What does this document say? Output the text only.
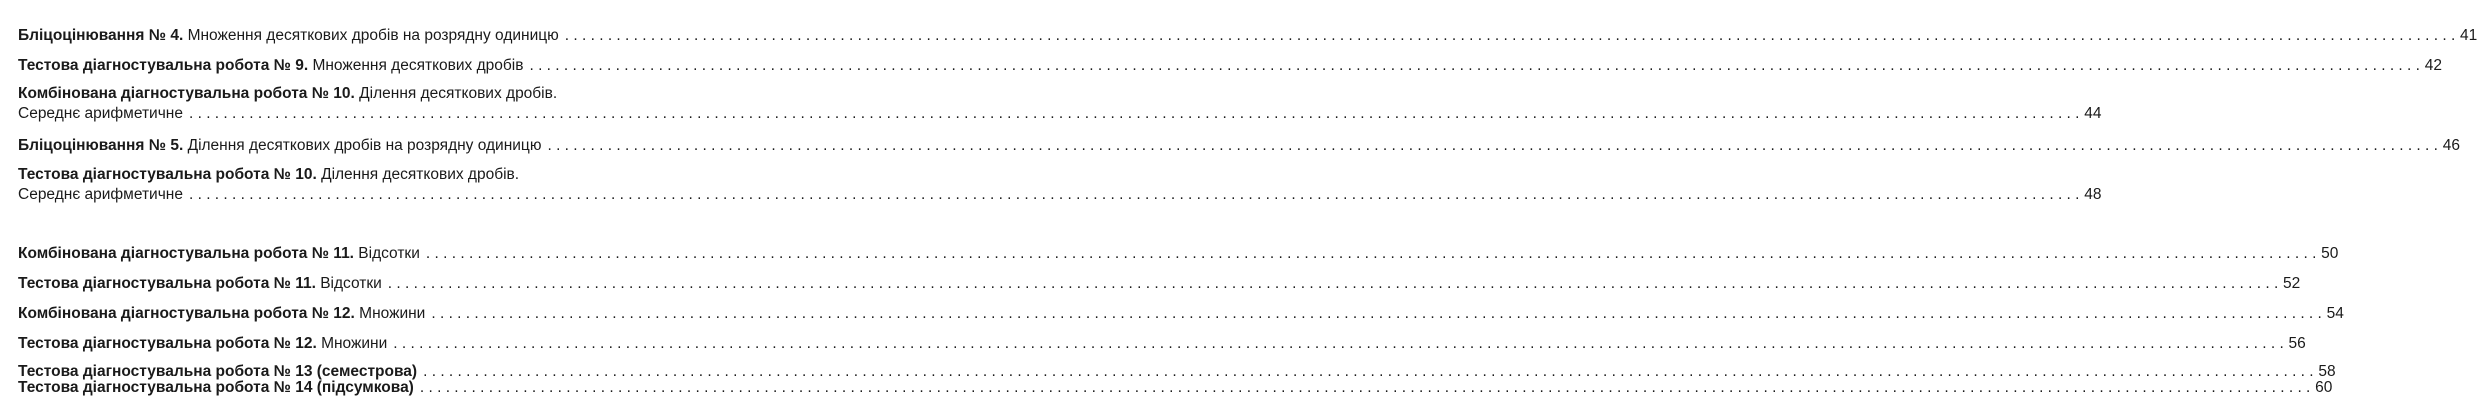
Бліцоцінювання № 4. Множення десяткових дробів на розрядну одиницю . . .	41
Тестова діагностувальна робота № 9. Множення десяткових дробів . . .	42
Комбінована діагностувальна робота № 10. Ділення десяткових дробів.
Середнє арифметичне . . .	44
Бліцоцінювання № 5. Ділення десяткових дробів на розрядну одиницю . . .	46
Тестова діагностувальна робота № 10. Ділення десяткових дробів.
Середнє арифметичне . . .	48
Комбінована діагностувальна робота № 11. Відсотки . . .	50
Тестова діагностувальна робота № 11. Відсотки . . .	52
Комбінована діагностувальна робота № 12. Множини . . .	54
Тестова діагностувальна робота № 12. Множини . . .	56
Тестова діагностувальна робота № 13 (семестрова) . . .	58
Тестова діагностувальна робота № 14 (підсумкова) . . .	60
